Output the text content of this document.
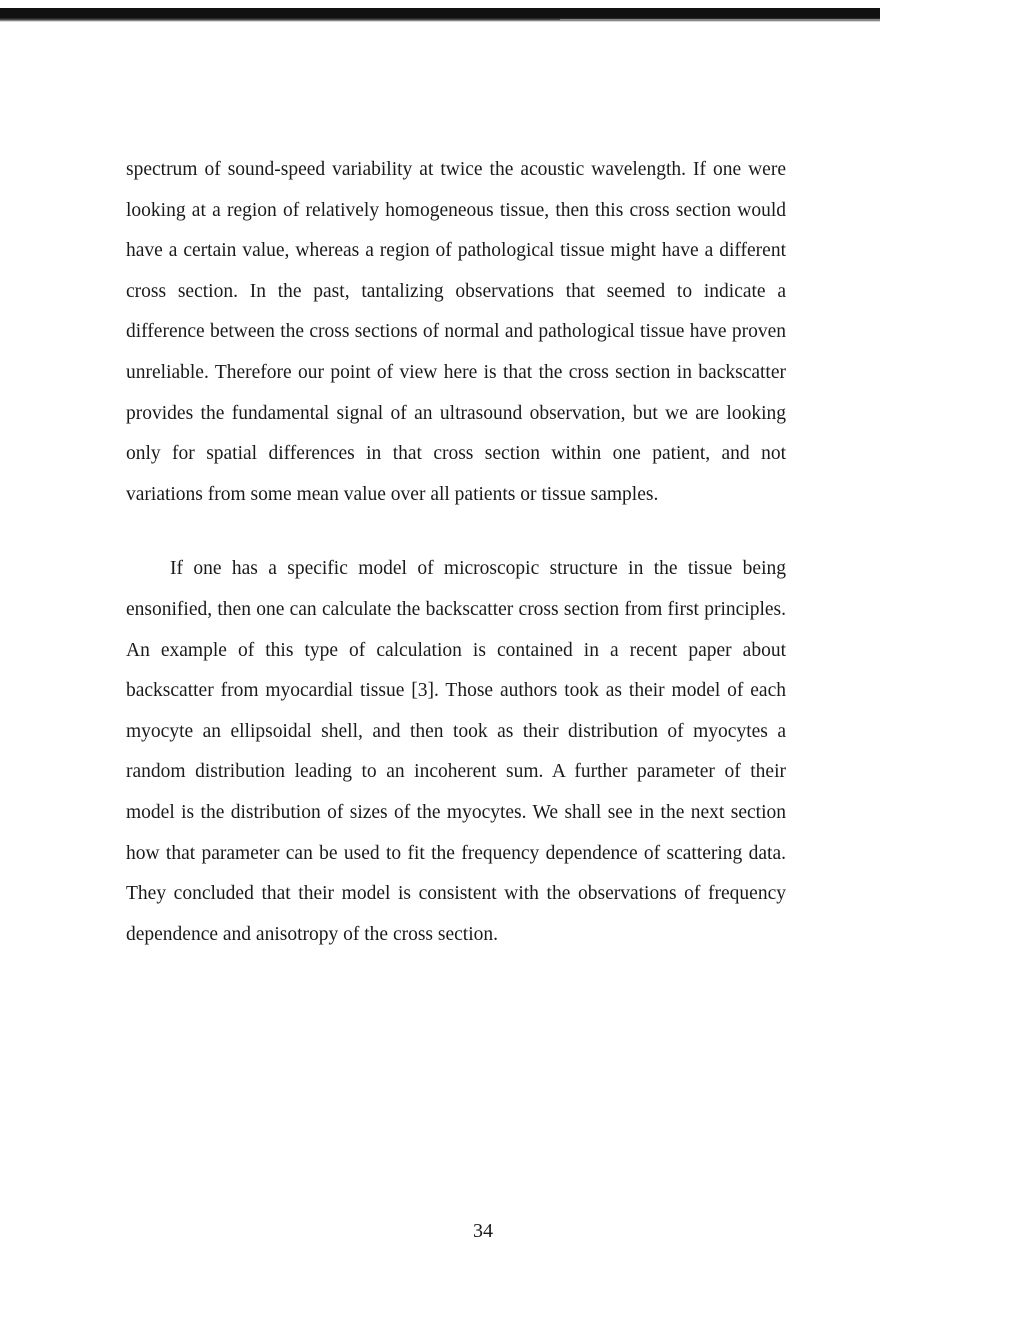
spectrum of sound-speed variability at twice the acoustic wavelength. If one were looking at a region of relatively homogeneous tissue, then this cross section would have a certain value, whereas a region of pathological tissue might have a different cross section. In the past, tantalizing observations that seemed to indicate a difference between the cross sections of normal and pathological tissue have proven unreliable. Therefore our point of view here is that the cross section in backscatter provides the fundamental signal of an ultrasound observation, but we are looking only for spatial differences in that cross section within one patient, and not variations from some mean value over all patients or tissue samples.

If one has a specific model of microscopic structure in the tissue being ensonified, then one can calculate the backscatter cross section from first principles. An example of this type of calculation is contained in a recent paper about backscatter from myocardial tissue [3]. Those authors took as their model of each myocyte an ellipsoidal shell, and then took as their distribution of myocytes a random distribution leading to an incoherent sum. A further parameter of their model is the distribution of sizes of the myocytes. We shall see in the next section how that parameter can be used to fit the frequency dependence of scattering data. They concluded that their model is consistent with the observations of frequency dependence and anisotropy of the cross section.

34
